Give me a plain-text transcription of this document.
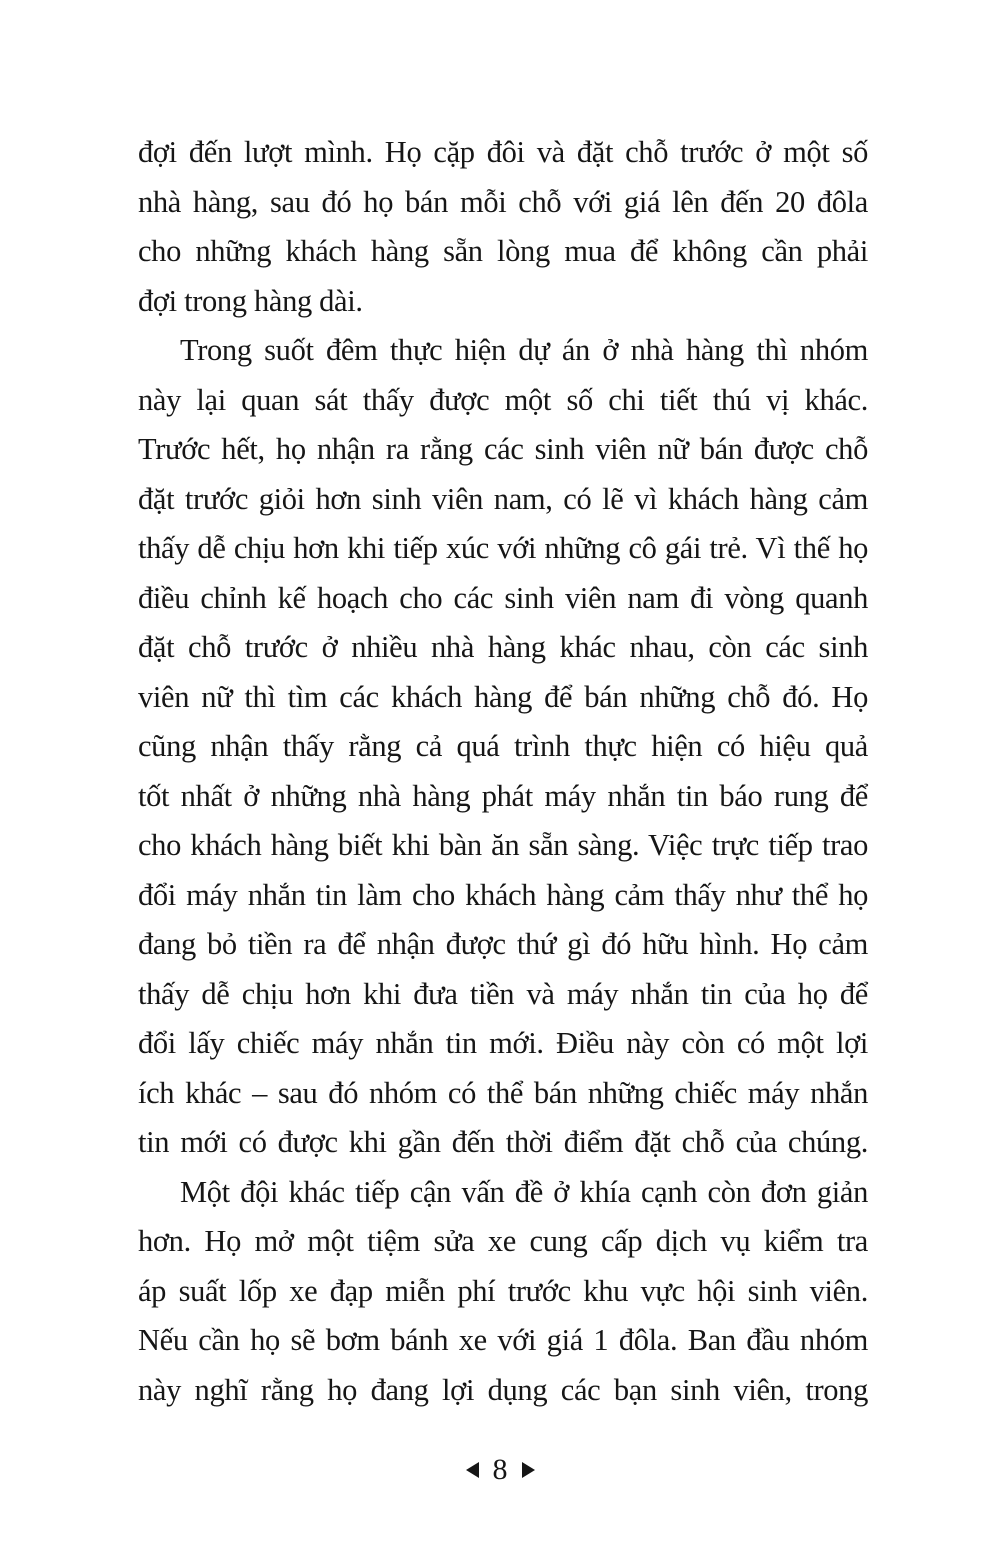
đợi đến lượt mình. Họ cặp đôi và đặt chỗ trước ở một số
nhà hàng, sau đó họ bán mỗi chỗ với giá lên đến 20 đôla
cho những khách hàng sẵn lòng mua để không cần phải
đợi trong hàng dài.
Trong suốt đêm thực hiện dự án ở nhà hàng thì nhóm
này lại quan sát thấy được một số chi tiết thú vị khác.
Trước hết, họ nhận ra rằng các sinh viên nữ bán được chỗ
đặt trước giỏi hơn sinh viên nam, có lẽ vì khách hàng cảm
thấy dễ chịu hơn khi tiếp xúc với những cô gái trẻ. Vì thế họ
điều chỉnh kế hoạch cho các sinh viên nam đi vòng quanh
đặt chỗ trước ở nhiều nhà hàng khác nhau, còn các sinh
viên nữ thì tìm các khách hàng để bán những chỗ đó. Họ
cũng nhận thấy rằng cả quá trình thực hiện có hiệu quả
tốt nhất ở những nhà hàng phát máy nhắn tin báo rung để
cho khách hàng biết khi bàn ăn sẵn sàng. Việc trực tiếp trao
đổi máy nhắn tin làm cho khách hàng cảm thấy như thể họ
đang bỏ tiền ra để nhận được thứ gì đó hữu hình. Họ cảm
thấy dễ chịu hơn khi đưa tiền và máy nhắn tin của họ để
đổi lấy chiếc máy nhắn tin mới. Điều này còn có một lợi
ích khác – sau đó nhóm có thể bán những chiếc máy nhắn
tin mới có được khi gần đến thời điểm đặt chỗ của chúng.
Một đội khác tiếp cận vấn đề ở khía cạnh còn đơn giản
hơn. Họ mở một tiệm sửa xe cung cấp dịch vụ kiểm tra
áp suất lốp xe đạp miễn phí trước khu vực hội sinh viên.
Nếu cần họ sẽ bơm bánh xe với giá 1 đôla. Ban đầu nhóm
này nghĩ rằng họ đang lợi dụng các bạn sinh viên, trong
8
